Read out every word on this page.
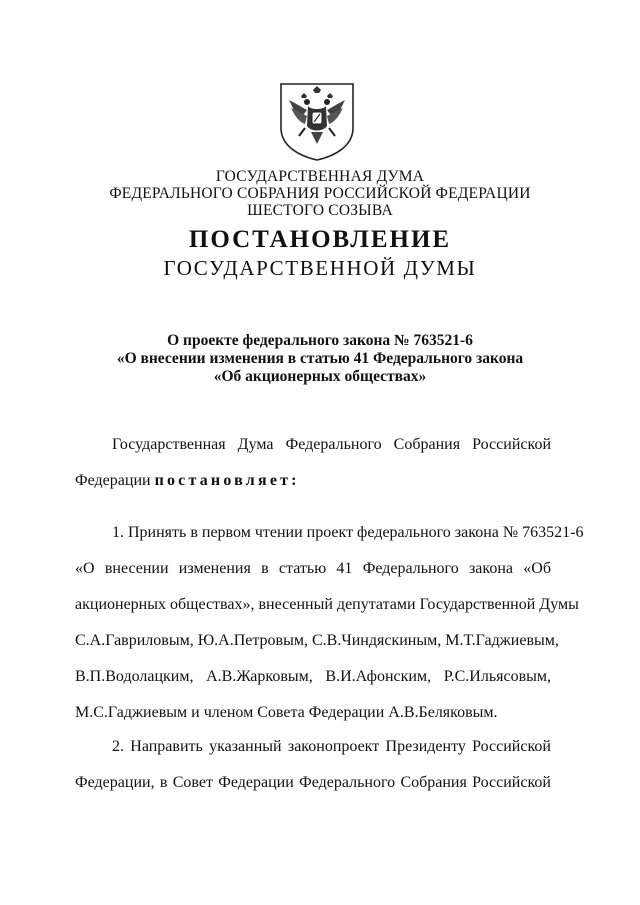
ГОСУДАРСТВЕННАЯ ДУМА
ФЕДЕРАЛЬНОГО СОБРАНИЯ РОССИЙСКОЙ ФЕДЕРАЦИИ
ШЕСТОГО СОЗЫВА
ПОСТАНОВЛЕНИЕ
ГОСУДАРСТВЕННОЙ ДУМЫ
О проекте федерального закона № 763521-6
«О внесении изменения в статью 41 Федерального закона
«Об акционерных обществах»
Государственная Дума Федерального Собрания Российской
Федерации постановляет:
1. Принять в первом чтении проект федерального закона № 763521-6
«О внесении изменения в статью 41 Федерального закона «Об
акционерных обществах», внесенный депутатами Государственной Думы
С.А.Гавриловым, Ю.А.Петровым, С.В.Чиндяскиным, М.Т.Гаджиевым,
В.П.Водолацким, А.В.Жарковым, В.И.Афонским, Р.С.Ильясовым,
М.С.Гаджиевым и членом Совета Федерации А.В.Беляковым.
2. Направить указанный законопроект Президенту Российской
Федерации, в Совет Федерации Федерального Собрания Российской
